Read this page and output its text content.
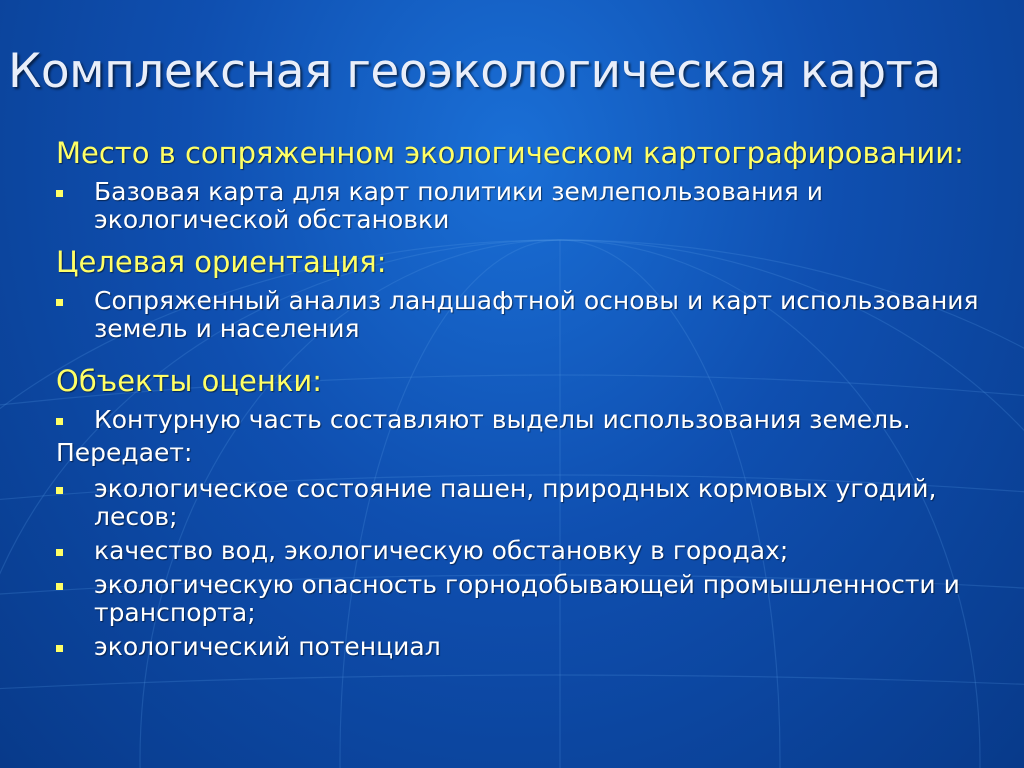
Комплексная геоэкологическая карта
Место в сопряженном экологическом картографировании:
Базовая карта для карт политики землепользования и экологической обстановки
Целевая ориентация:
Сопряженный анализ ландшафтной основы и карт использования земель и населения
Объекты оценки:
Контурную часть составляют выделы использования земель.
Передает:
экологическое состояние пашен, природных кормовых угодий, лесов;
качество вод, экологическую обстановку в городах;
экологическую опасность горнодобывающей промышленности и транспорта;
экологический потенциал
